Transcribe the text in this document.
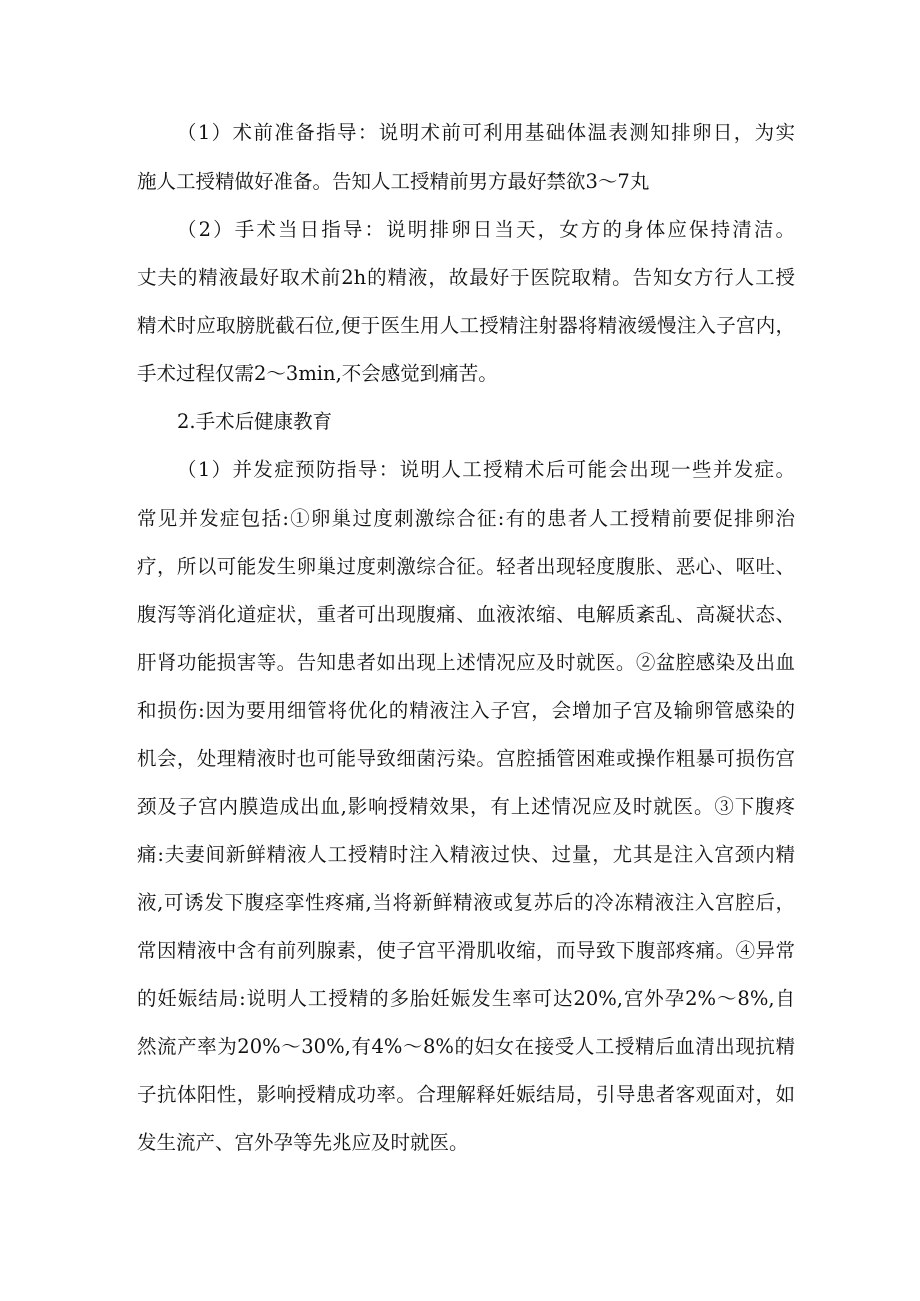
（1）术前准备指导：说明术前可利用基础体温表测知排卵日，为实
施人工授精做好准备。告知人工授精前男方最好禁欲3～7丸
（2）手术当日指导：说明排卵日当天，女方的身体应保持清洁。
丈夫的精液最好取术前2h的精液，故最好于医院取精。告知女方行人工授
精术时应取膀胱截石位,便于医生用人工授精注射器将精液缓慢注入子宫内，
手术过程仅需2～3min,不会感觉到痛苦。
2.手术后健康教育
（1）并发症预防指导：说明人工授精术后可能会出现一些并发症。
常见并发症包括:①卵巢过度刺激综合征:有的患者人工授精前要促排卵治
疗，所以可能发生卵巢过度刺激综合征。轻者出现轻度腹胀、恶心、呕吐、
腹泻等消化道症状，重者可出现腹痛、血液浓缩、电解质紊乱、高凝状态、
肝肾功能损害等。告知患者如出现上述情况应及时就医。②盆腔感染及出血
和损伤:因为要用细管将优化的精液注入子宫，会增加子宫及输卵管感染的
机会，处理精液时也可能导致细菌污染。宫腔插管困难或操作粗暴可损伤宫
颈及子宫内膜造成出血,影响授精效果，有上述情况应及时就医。③下腹疼
痛:夫妻间新鲜精液人工授精时注入精液过快、过量，尤其是注入宫颈内精
液,可诱发下腹痉挛性疼痛,当将新鲜精液或复苏后的冷冻精液注入宫腔后，
常因精液中含有前列腺素，使子宫平滑肌收缩，而导致下腹部疼痛。④异常
的妊娠结局:说明人工授精的多胎妊娠发生率可达20%,宫外孕2%～8%,自
然流产率为20%～30%,有4%～8%的妇女在接受人工授精后血清出现抗精
子抗体阳性，影响授精成功率。合理解释妊娠结局，引导患者客观面对，如
发生流产、宫外孕等先兆应及时就医。
